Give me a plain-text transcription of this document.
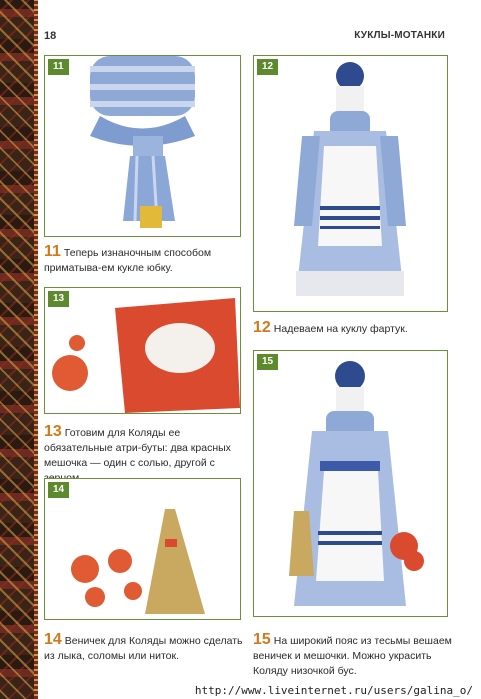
18	КУКЛЫ-МОТАНКИ
11	12
11 Теперь изнаночным способом приматыва-ем кукле юбку.
13
12 Надеваем на куклу фартук.
15
13 Готовим для Коляды ее обязательные атри-буты: два красных мешочка — один с солью, другой с
14
14 Веничек для Коляды можно сделать из лыка, соломы или ниток.
15 На широкий пояс из тесьмы вешаем веничек и мешочки. Можно украсить Коляду низочкой бус.
http://www.liveinternet.ru/users/galina_o/
